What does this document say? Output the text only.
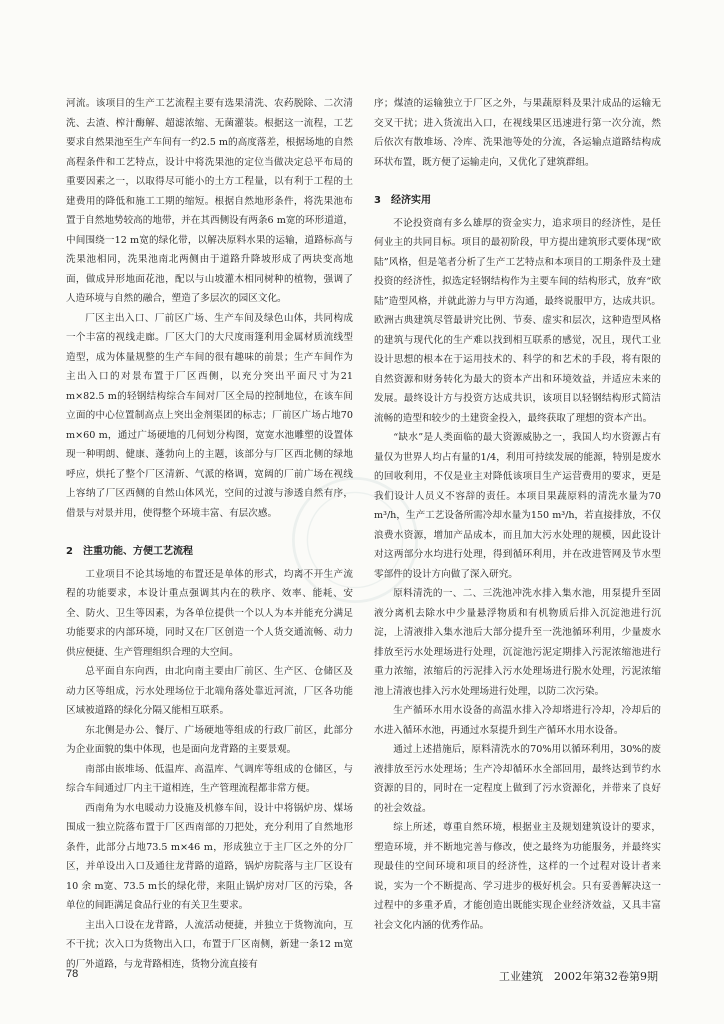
河流。该项目的生产工艺流程主要有选果清洗、农药脱除、二次清洗、去渣、榨汁酶解、超滤浓缩、无菌灌装。根据这一流程，工艺要求自然果池至生产车间有一约2.5 m的高度落差，根据场地的自然高程条件和工艺特点，设计中将洗果池的定位当做决定总平布局的重要因素之一，以取得尽可能小的土方工程量，以有利于工程的土建费用的降低和施工工期的缩短。根据自然地形条件，将洗果池布置于自然地势较高的地带，并在其西侧设有两条6 m宽的环形道道，中间围绕一12 m宽的绿化带，以解决原料水果的运输，道路标高与洗果池相同，洗果池南北两侧由于道路升降坡形成了两块变高地面，做成异形地面花池，配以与山坡灌木相同树种的植物，强调了人造环境与自然的融合，塑造了多层次的园区文化。

厂区主出入口、厂前区广场、生产车间及绿色山体，共同构成一个丰富的视线走廊。厂区大门的大尺度雨篷利用金属材质流线型造型，成为体量规整的生产车间的很有趣味的前景；生产车间作为主出入口的对景布置于厂区西侧，以充分突出平面尺寸为21 m×82.5 m的轻钢结构综合车间对厂区全局的控制地位，在该车间立面的中心位置制高点上突出金剂渠团的标志；厂前区广场占地70 m×60 m，通过广场硬地的几何划分构图，宽宽水池雕塑的设置体现一种明朗、健康、蓬勃向上的主题，该部分与厂区西北侧的绿地呼应，烘托了整个厂区清新、气派的格调，宽阔的厂前广场在视线上容纳了厂区西侧的自然山体风光，空间的过渡与渗透自然有序，借景与对景并用，使得整个环境丰富、有层次感。

2　注重功能、方便工艺流程

工业项目不论其场地的布置还是单体的形式，均离不开生产流程的功能要求，本设计重点强调其内在的秩序、效率、能耗、安全、防火、卫生等因素，为各单位提供一个以人为本并能充分满足功能要求的内部环境，同时又在厂区创造一个人货交通流畅、动力供应便捷、生产管理组织合理的大空间。

总平面自东向西，由北向南主要由厂前区、生产区、仓储区及动力区等组成，污水处理场位于北端角落处靠近河流，厂区各功能区域被道路的绿化分隔又能相互联系。

东北侧是办公、餐厅、广场硬地等组成的行政厂前区，此部分为企业面貌的集中体现，也是面向龙背路的主要景观。

南部由嵌堆场、低温库、高温库、气调库等组成的仓储区，与综合车间通过厂内主干道相连，生产管理流程都非常方便。

西南角为水电暖动力设施及机修车间，设计中将锅炉房、煤场围成一独立院落布置于厂区西南部的刀把处，充分利用了自然地形条件，此部分占地73.5 m×46 m，形成独立于主厂区之外的分厂区，并单设出入口及通往龙背路的道路，锅炉房院落与主厂区设有10 余 m宽、73.5 m长的绿化带，来阻止锅炉房对厂区的污染，各单位的间距满足食品行业的有关卫生要求。

主出入口设在龙背路，人流活动便捷，并独立于货物流向，互不干扰；次入口为货物出入口，布置于厂区南侧，新建一条12 m宽的厂外道路，与龙背路相连，货物分流直接有

序；煤渣的运输独立于厂区之外，与果蔬原料及果汁成品的运输无交叉干扰；进入货流出入口，在视线果区迅速进行第一次分流，然后依次有散堆场、冷库、洗果池等处的分流，各运输点道路结构成环状布置，既方便了运输走向，又优化了建筑群组。

3　经济实用

不论投资商有多么雄厚的资金实力，追求项目的经济性，是任何业主的共同目标。项目的最初阶段，甲方提出建筑形式要体现“欧陆”风格，但是笔者分析了生产工艺特点和本项目的工期条件及土建投资的经济性，拟选定轻钢结构作为主要车间的结构形式，放弃“欧陆”造型风格，并就此游力与甲方沟通，最终说服甲方，达成共识。欧洲古典建筑尽管最讲究比例、节奏、虚实和层次，这种造型风格的建筑与现代化的生产难以找到相互联系的感觉，况且，现代工业设计思想的根本在于运用技术的、科学的和艺术的手段，将有限的自然资源和财务转化为最大的资本产出和环境效益，并适应未来的发展。最终设计方与投资方达成共识，该项目以轻钢结构形式简洁流畅的造型和较少的土建资金投入，最终获取了理想的资本产出。

“缺水”是人类面临的最大资源威胁之一，我国人均水资源占有量仅为世界人均占有量的1/4，利用可持续发展的能源，特别是废水的回收利用，不仅是业主对降低该项目生产运营费用的要求，更是我们设计人员义不容辞的责任。本项目果蔬原料的清洗水量为70 m³/h，生产工艺设备所需冷却水量为150 m³/h，若直接排放，不仅浪费水资源，增加产品成本，而且加大污水处理的规模，因此设计对这两部分水均进行处理，得到循环利用，并在改进管网及节水型零部件的设计方向做了深入研究。

原料清洗的一、二、三洗池冲洗水排入集水池，用泵提升至固液分离机去除水中少量悬浮物质和有机物质后排入沉淀池进行沉淀，上清液排入集水池后大部分提升至一洗池循环利用，少量废水排放至污水处理场进行处理，沉淀池污泥定期排入污泥浓缩池进行重力浓缩，浓缩后的污泥排入污水处理场进行脱水处理，污泥浓缩池上清液也排入污水处理场进行处理，以防二次污染。

生产循环水用水设备的高温水排入冷却塔进行冷却，冷却后的水进入循环水池，再通过水泵提升到生产循环水用水设备。

通过上述措施后，原料清洗水的70%用以循环利用，30%的废液排放至污水处理场；生产冷却循环水全部回用，最终达到节约水资源的目的，同时在一定程度上做到了污水资源化，并带来了良好的社会效益。

综上所述，尊重自然环境，根据业主及规划建筑设计的要求，塑造环境，并不断地完善与修改，使之最终为功能服务，并最终实现最佳的空间环境和项目的经济性，这样的一个过程对设计者来说，实为一个不断提高、学习进步的极好机会。只有妥善解决这一过程中的多重矛盾，才能创造出既能实现企业经济效益，又具丰富社会文化内涵的优秀作品。

78	工业建筑　2002年第32卷第9期
